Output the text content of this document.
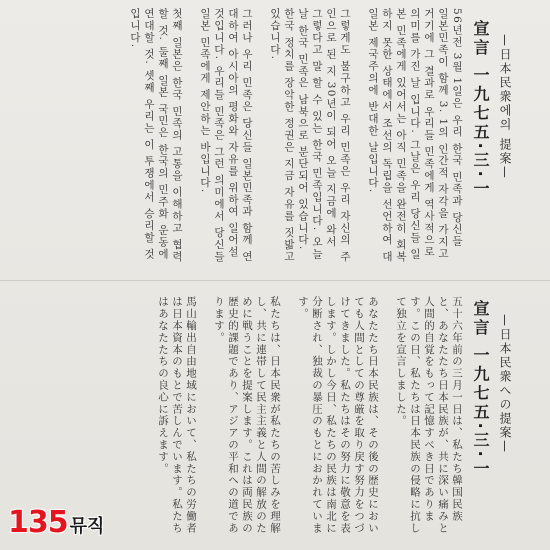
56년전 3월 1일은 우리 한국 민족과 당신들 일본민족이 함께 3. 1의 인간적 자각을 가지고 거기에 그 결과로 우리들 민족에게 역사적으로 의미를 가진 날 입니다. 그날은 우리 당신들 일본 민족에게 있어서는 아직 민족을 완전히 회복하지 못한 상태에서 조선의 독립을 선언하여 대 일본 제국주의에 반대한 날입니다.

그렇게도 불구하고 우리 민족은 우리 자신의 주인으로 된 지 30년이 되어 오늘 지금에 와서 그렇다고 말 할 수 있는 한국 민족입니다. 오늘날 한국 민족은 남북으로 분단되어 있습니다. 한국 정치를 장악한 정권은 지금 자유를 짓밟고 있습니다.

그러나 우리 민족은 당신들 일본민족과 함께 연대하여 아시아의 평화와 자유를 위하여 일어설 것입니다. 우리들 민족은 그런 의미에서 당신들 일본 민족에게 제안하는 바입니다.

첫째 일본은 한국 민족의 고통을 이해하고 협력할 것. 둘째 일본 국민은 한국의 민주화 운동에 연대할 것. 셋째 우리는 이 투쟁에서 승리할 것입니다.	宣言 一九七五·三·一 —日本民衆에의 提案—
五十六年前の三月一日は、私たち韓国民族と、あなたたち日本民族が、共に深い痛みと人間的自覚をもって記憶すべき日であります。この日、私たちは日本民族の侵略に抗して独立を宣言しました。

あなたたち日本民族は、その後の歴史においても人間としての尊厳を取り戻す努力をつづけてきました。私たちはその努力に敬意を表します。しかし今日、私たちの民族は南北に分断され、独裁の暴圧のもとにおかれています。

私たちは、日本民衆が私たちの苦しみを理解し、共に連帯して民主主義と人間の解放のために戦うことを提案します。これは両民族の歴史的課題であり、アジアの平和への道であります。

馬山輸出自由地域において、私たちの労働者は日本資本のもとで苦しんでいます。私たちはあなたたちの良心に訴えます。	宣言 一九七五·三·一 —日本民衆への提案—
135 뮤직
